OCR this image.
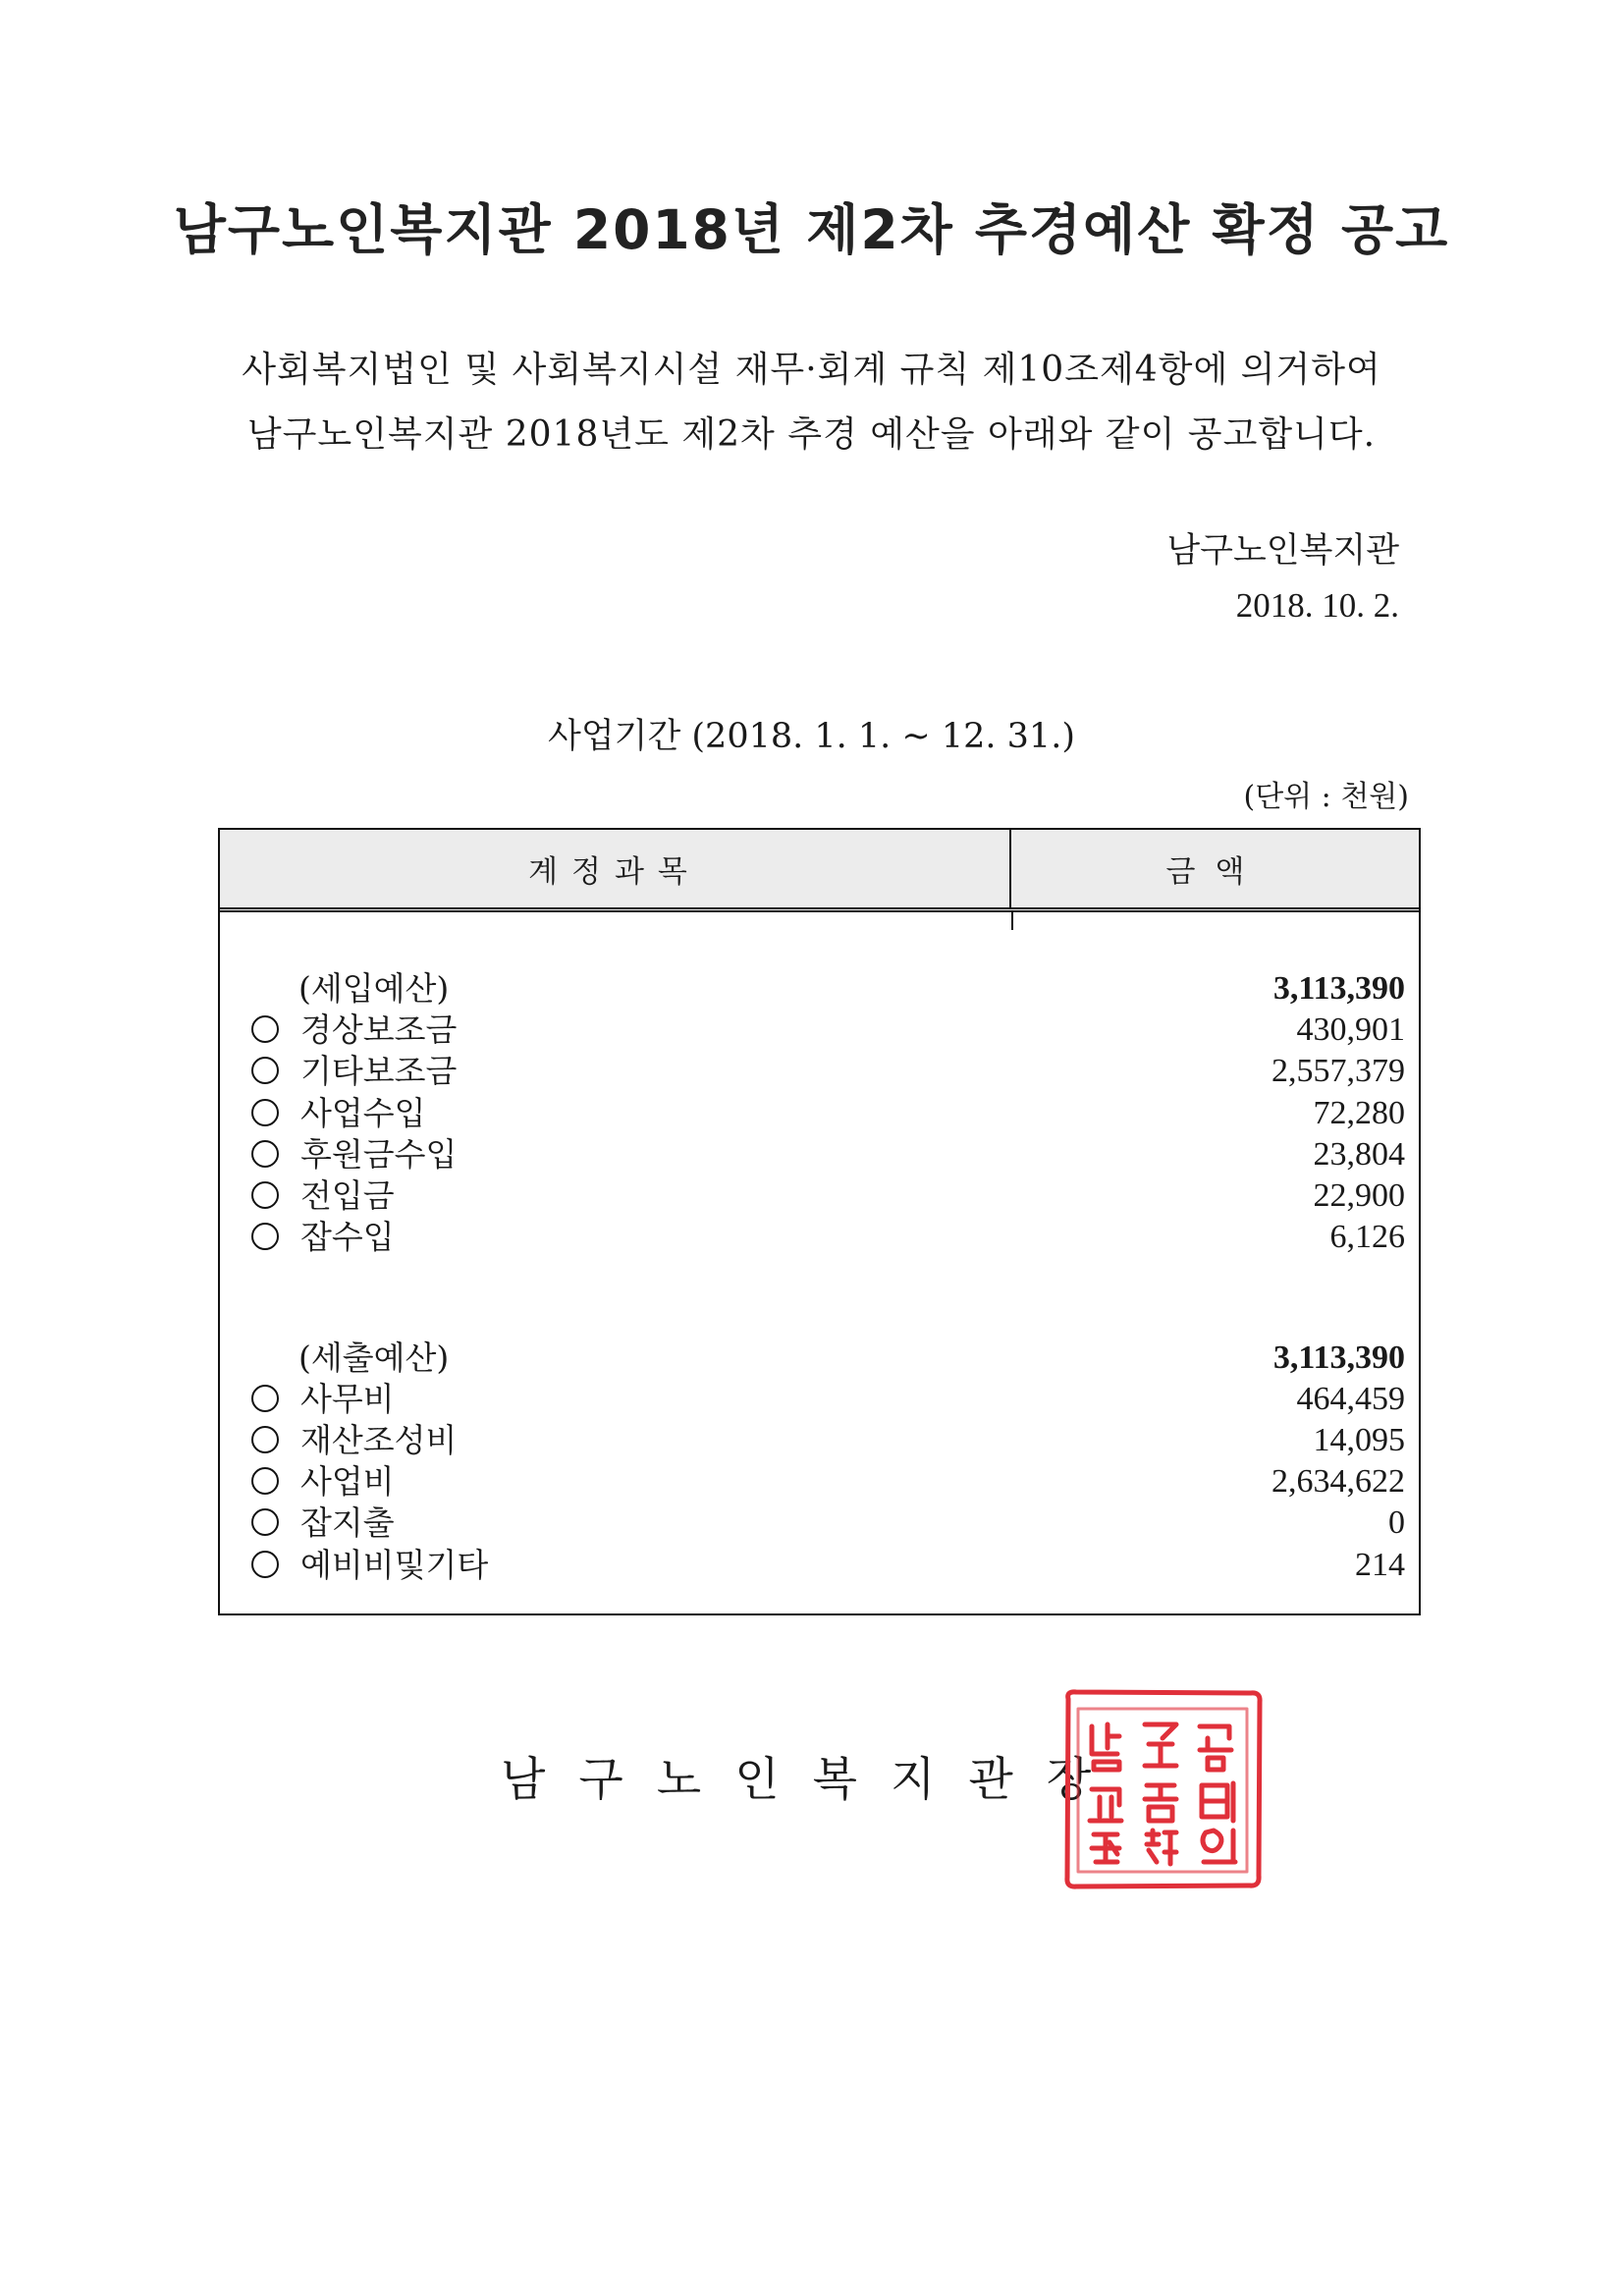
남구노인복지관 2018년 제2차 추경예산 확정 공고
사회복지법인 및 사회복지시설 재무·회계 규칙 제10조제4항에 의거하여
남구노인복지관 2018년도 제2차 추경 예산을 아래와 같이 공고합니다.
남구노인복지관
2018. 10. 2.
사업기간 (2018. 1. 1. ~ 12. 31.)
(단위 : 천원)
계정과목	금액
(세입예산)	3,113,390
경상보조금	430,901
기타보조금	2,557,379
사업수입	72,280
후원금수입	23,804
전입금	22,900
잡수입	6,126
(세출예산)	3,113,390
사무비	464,459
재산조성비	14,095
사업비	2,634,622
잡지출	0
예비비및기타	214
남구노인복지관장
